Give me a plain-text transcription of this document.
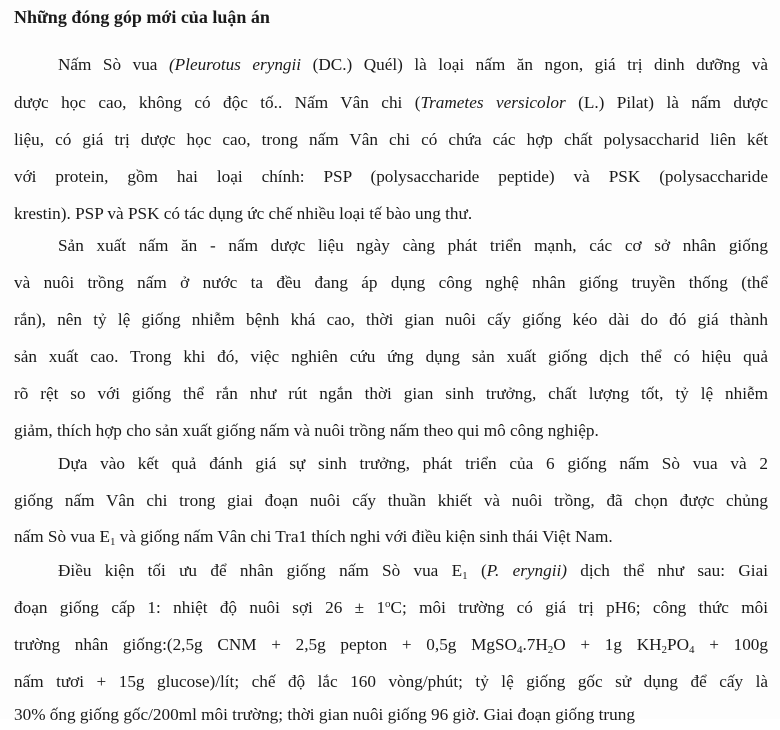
Những đóng góp mới của luận án
Nấm Sò vua (Pleurotus eryngii (DC.) Quél) là loại nấm ăn ngon, giá trị dinh dưỡng và
dược học cao, không có độc tố.. Nấm Vân chi (Trametes versicolor (L.) Pilat) là nấm dược
liệu, có giá trị dược học cao, trong nấm Vân chi có chứa các hợp chất polysaccharid liên kết
với protein, gồm hai loại chính: PSP (polysaccharide peptide) và PSK (polysaccharide
krestin). PSP và PSK có tác dụng ức chế nhiều loại tế bào ung thư.
Sản xuất nấm ăn - nấm dược liệu ngày càng phát triển mạnh, các cơ sở nhân giống
và nuôi trồng nấm ở nước ta đều đang áp dụng công nghệ nhân giống truyền thống (thể
rắn), nên tỷ lệ giống nhiễm bệnh khá cao, thời gian nuôi cấy giống kéo dài do đó giá thành
sản xuất cao. Trong khi đó, việc nghiên cứu ứng dụng sản xuất giống dịch thể có hiệu quả
rõ rệt so với giống thể rắn như rút ngắn thời gian sinh trưởng, chất lượng tốt, tỷ lệ nhiễm
giảm, thích hợp cho sản xuất giống nấm và nuôi trồng nấm theo qui mô công nghiệp.
Dựa vào kết quả đánh giá sự sinh trưởng, phát triển của 6 giống nấm Sò vua và 2
giống nấm Vân chi trong giai đoạn nuôi cấy thuần khiết và nuôi trồng, đã chọn được chủng
nấm Sò vua $E_1$ và giống nấm Vân chi Tra1 thích nghi với điều kiện sinh thái Việt Nam.
Điều kiện tối ưu để nhân giống nấm Sò vua $E_1$ (P. eryngii) dịch thể như sau: Giai
đoạn giống cấp 1: nhiệt độ nuôi sợi $26 \pm 1^oC$; môi trường có giá trị pH6; công thức môi
trường nhân giống:(2,5g CNM + 2,5g pepton + 0,5g $MgSO_4.7H_2O + 1g$ $KH_2PO_4 + 100g$
nấm tươi + 15g glucose)/lít; chế độ lắc 160 vòng/phút; tỷ lệ giống gốc sử dụng để cấy là
30% ống giống gốc/200ml môi trường; thời gian nuôi giống 96 giờ. Giai đoạn giống trung
